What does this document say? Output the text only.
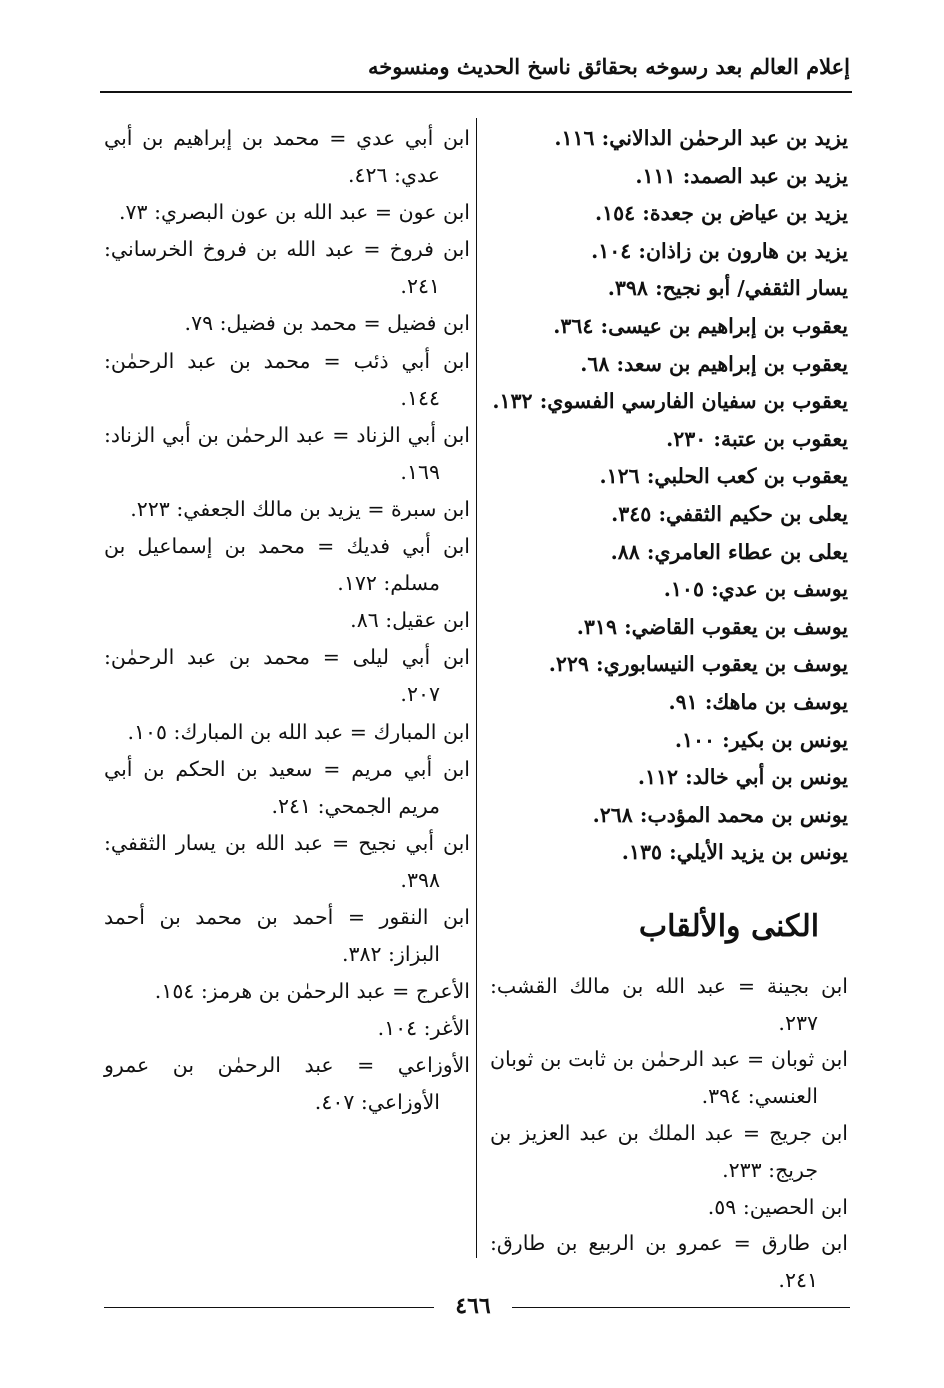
إعلام العالم بعد رسوخه بحقائق ناسخ الحديث ومنسوخه
يزيد بن عبد الرحمٰن الدالاني: ١١٦.
يزيد بن عبد الصمد: ١١١.
يزيد بن عياض بن جعدة: ١٥٤.
يزيد بن هارون بن زاذان: ١٠٤.
يسار الثقفي/ أبو نجيح: ٣٩٨.
يعقوب بن إبراهيم بن عيسى: ٣٦٤.
يعقوب بن إبراهيم بن سعد: ٦٨.
يعقوب بن سفيان الفارسي الفسوي: ١٣٢.
يعقوب بن عتبة: ٢٣٠.
يعقوب بن كعب الحلبي: ١٢٦.
يعلى بن حكيم الثقفي: ٣٤٥.
يعلى بن عطاء العامري: ٨٨.
يوسف بن عدي: ١٠٥.
يوسف بن يعقوب القاضي: ٣١٩.
يوسف بن يعقوب النيسابوري: ٢٢٩.
يوسف بن ماهك: ٩١.
يونس بن بكير: ١٠٠.
يونس بن أبي خالد: ١١٢.
يونس بن محمد المؤدب: ٢٦٨.
يونس بن يزيد الأيلي: ١٣٥.
الكنى والألقاب
ابن بجينة = عبد الله بن مالك القشب: ٢٣٧.
ابن ثوبان = عبد الرحمٰن بن ثابت بن ثوبان العنسي: ٣٩٤.
ابن جريج = عبد الملك بن عبد العزيز بن جريج: ٢٣٣.
ابن الحصين: ٥٩.
ابن طارق = عمرو بن الربيع بن طارق: ٢٤١.
ابن أبي عدي = محمد بن إبراهيم بن أبي عدي: ٤٢٦.
ابن عون = عبد الله بن عون البصري: ٧٣.
ابن فروخ = عبد الله بن فروخ الخرساني: ٢٤١.
ابن فضيل = محمد بن فضيل: ٧٩.
ابن أبي ذئب = محمد بن عبد الرحمٰن: ١٤٤.
ابن أبي الزناد = عبد الرحمٰن بن أبي الزناد: ١٦٩.
ابن سبرة = يزيد بن مالك الجعفي: ٢٢٣.
ابن أبي فديك = محمد بن إسماعيل بن مسلم: ١٧٢.
ابن عقيل: ٨٦.
ابن أبي ليلى = محمد بن عبد الرحمٰن: ٢٠٧.
ابن المبارك = عبد الله بن المبارك: ١٠٥.
ابن أبي مريم = سعيد بن الحكم بن أبي مريم الجمحي: ٢٤١.
ابن أبي نجيح = عبد الله بن يسار الثقفي: ٣٩٨.
ابن النقور = أحمد بن محمد بن أحمد البزاز: ٣٨٢.
الأعرج = عبد الرحمٰن بن هرمز: ١٥٤.
الأغر: ١٠٤.
الأوزاعي = عبد الرحمٰن بن عمرو الأوزاعي: ٤٠٧.
٤٦٦
